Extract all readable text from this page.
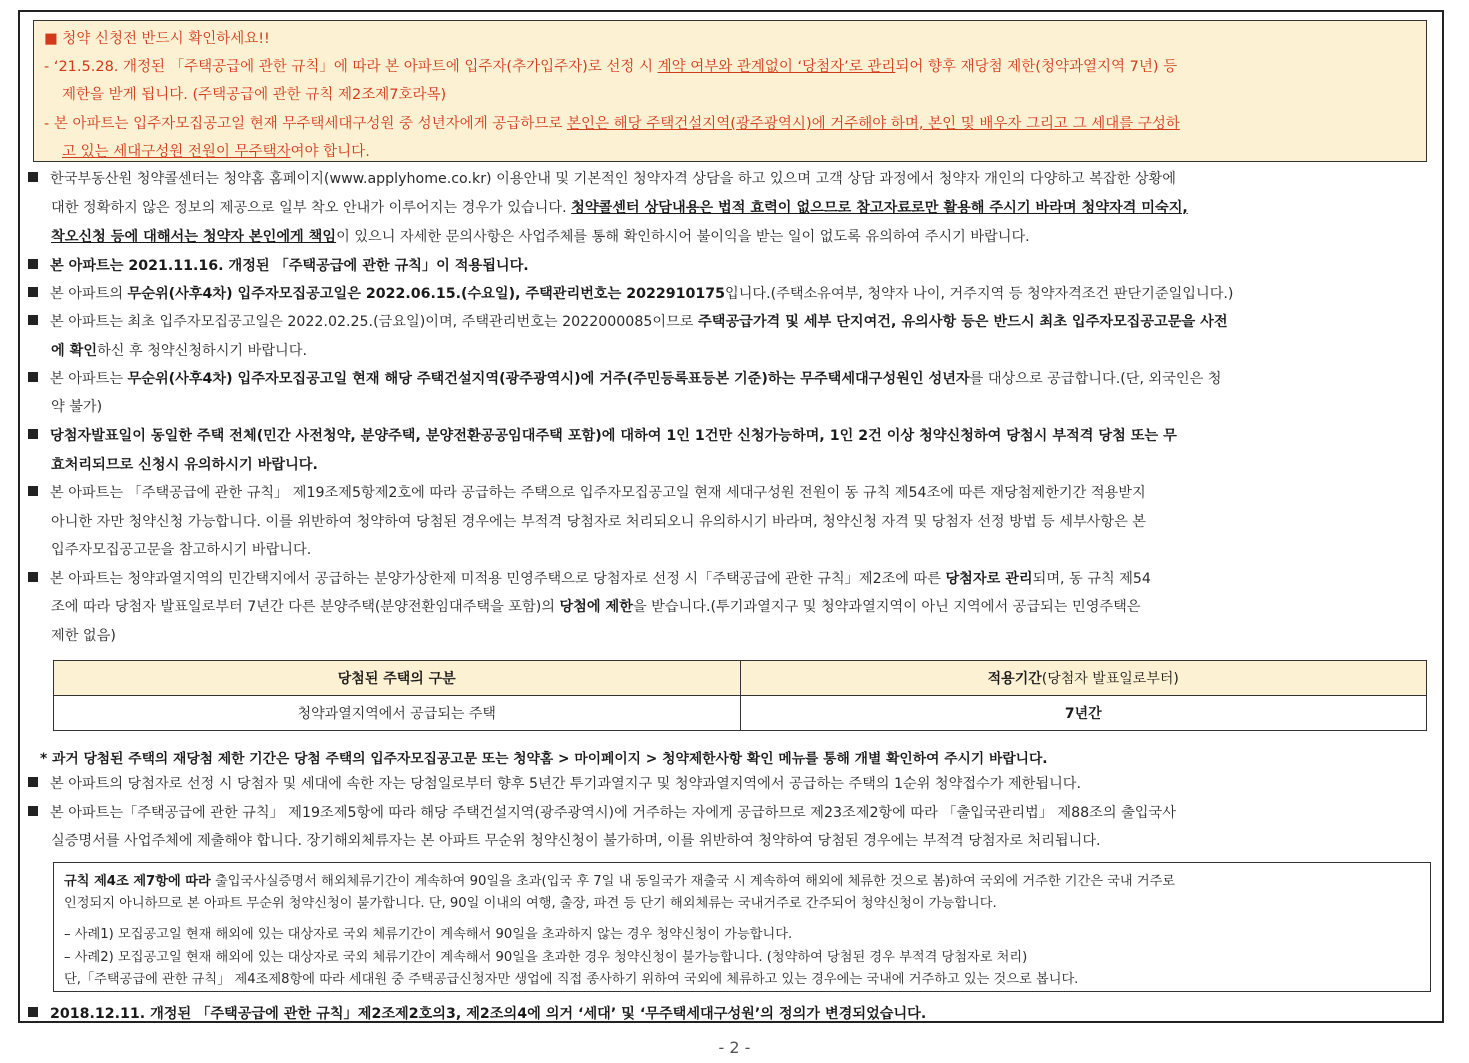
■ 청약 신청전 반드시 확인하세요!!
- ‘21.5.28. 개정된 「주택공급에 관한 규칙」에 따라 본 아파트에 입주자(추가입주자)로 선정 시 계약 여부와 관계없이 ‘당첨자’로 관리되어 향후 재당첨 제한(청약과열지역 7년) 등
제한을 받게 됩니다. (주택공급에 관한 규칙 제2조제7호라목)
- 본 아파트는 입주자모집공고일 현재 무주택세대구성원 중 성년자에게 공급하므로 본인은 해당 주택건설지역(광주광역시)에 거주해야 하며, 본인 및 배우자 그리고 그 세대를 구성하
고 있는 세대구성원 전원이 무주택자여야 합니다.
한국부동산원 청약콜센터는 청약홈 홈페이지(www.applyhome.co.kr) 이용안내 및 기본적인 청약자격 상담을 하고 있으며 고객 상담 과정에서 청약자 개인의 다양하고 복잡한 상황에
대한 정확하지 않은 정보의 제공으로 일부 착오 안내가 이루어지는 경우가 있습니다. 청약콜센터 상담내용은 법적 효력이 없으므로 참고자료로만 활용해 주시기 바라며 청약자격 미숙지,
착오신청 등에 대해서는 청약자 본인에게 책임이 있으니 자세한 문의사항은 사업주체를 통해 확인하시어 불이익을 받는 일이 없도록 유의하여 주시기 바랍니다.
본 아파트는 2021.11.16. 개정된 「주택공급에 관한 규칙」이 적용됩니다.
본 아파트의 무순위(사후4차) 입주자모집공고일은 2022.06.15.(수요일), 주택관리번호는 2022910175입니다.(주택소유여부, 청약자 나이, 거주지역 등 청약자격조건 판단기준일입니다.)
본 아파트는 최초 입주자모집공고일은 2022.02.25.(금요일)이며, 주택관리번호는 2022000085이므로 주택공급가격 및 세부 단지여건, 유의사항 등은 반드시 최초 입주자모집공고문을 사전
에 확인하신 후 청약신청하시기 바랍니다.
본 아파트는 무순위(사후4차) 입주자모집공고일 현재 해당 주택건설지역(광주광역시)에 거주(주민등록표등본 기준)하는 무주택세대구성원인 성년자를 대상으로 공급합니다.(단, 외국인은 청
약 불가)
당첨자발표일이 동일한 주택 전체(민간 사전청약, 분양주택, 분양전환공공임대주택 포함)에 대하여 1인 1건만 신청가능하며, 1인 2건 이상 청약신청하여 당첨시 부적격 당첨 또는 무
효처리되므로 신청시 유의하시기 바랍니다.
본 아파트는 「주택공급에 관한 규칙」 제19조제5항제2호에 따라 공급하는 주택으로 입주자모집공고일 현재 세대구성원 전원이 동 규칙 제54조에 따른 재당첨제한기간 적용받지
아니한 자만 청약신청 가능합니다. 이를 위반하여 청약하여 당첨된 경우에는 부적격 당첨자로 처리되오니 유의하시기 바라며, 청약신청 자격 및 당첨자 선정 방법 등 세부사항은 본
입주자모집공고문을 참고하시기 바랍니다.
본 아파트는 청약과열지역의 민간택지에서 공급하는 분양가상한제 미적용 민영주택으로 당첨자로 선정 시「주택공급에 관한 규칙」제2조에 따른 당첨자로 관리되며, 동 규칙 제54
조에 따라 당첨자 발표일로부터 7년간 다른 분양주택(분양전환임대주택을 포함)의 당첨에 제한을 받습니다.(투기과열지구 및 청약과열지역이 아닌 지역에서 공급되는 민영주택은
제한 없음)
당첨된 주택의 구분	적용기간(당첨자 발표일로부터)
청약과열지역에서 공급되는 주택	7년간
* 과거 당첨된 주택의 재당첨 제한 기간은 당첨 주택의 입주자모집공고문 또는 청약홈 > 마이페이지 > 청약제한사항 확인 메뉴를 통해 개별 확인하여 주시기 바랍니다.
본 아파트의 당첨자로 선정 시 당첨자 및 세대에 속한 자는 당첨일로부터 향후 5년간 투기과열지구 및 청약과열지역에서 공급하는 주택의 1순위 청약접수가 제한됩니다.
본 아파트는「주택공급에 관한 규칙」 제19조제5항에 따라 해당 주택건설지역(광주광역시)에 거주하는 자에게 공급하므로 제23조제2항에 따라 「출입국관리법」 제88조의 출입국사
실증명서를 사업주체에 제출해야 합니다. 장기해외체류자는 본 아파트 무순위 청약신청이 불가하며, 이를 위반하여 청약하여 당첨된 경우에는 부적격 당첨자로 처리됩니다.
규칙 제4조 제7항에 따라 출입국사실증명서 해외체류기간이 계속하여 90일을 초과(입국 후 7일 내 동일국가 재출국 시 계속하여 해외에 체류한 것으로 봄)하여 국외에 거주한 기간은 국내 거주로
인정되지 아니하므로 본 아파트 무순위 청약신청이 불가합니다. 단, 90일 이내의 여행, 출장, 파견 등 단기 해외체류는 국내거주로 간주되어 청약신청이 가능합니다.
– 사례1) 모집공고일 현재 해외에 있는 대상자로 국외 체류기간이 계속해서 90일을 초과하지 않는 경우 청약신청이 가능합니다.
– 사례2) 모집공고일 현재 해외에 있는 대상자로 국외 체류기간이 계속해서 90일을 초과한 경우 청약신청이 불가능합니다. (청약하여 당첨된 경우 부적격 당첨자로 처리)
단,「주택공급에 관한 규칙」 제4조제8항에 따라 세대원 중 주택공급신청자만 생업에 직접 종사하기 위하여 국외에 체류하고 있는 경우에는 국내에 거주하고 있는 것으로 봅니다.
2018.12.11. 개정된 「주택공급에 관한 규칙」제2조제2호의3, 제2조의4에 의거 ‘세대’ 및 ‘무주택세대구성원’의 정의가 변경되었습니다.
- 2 -
